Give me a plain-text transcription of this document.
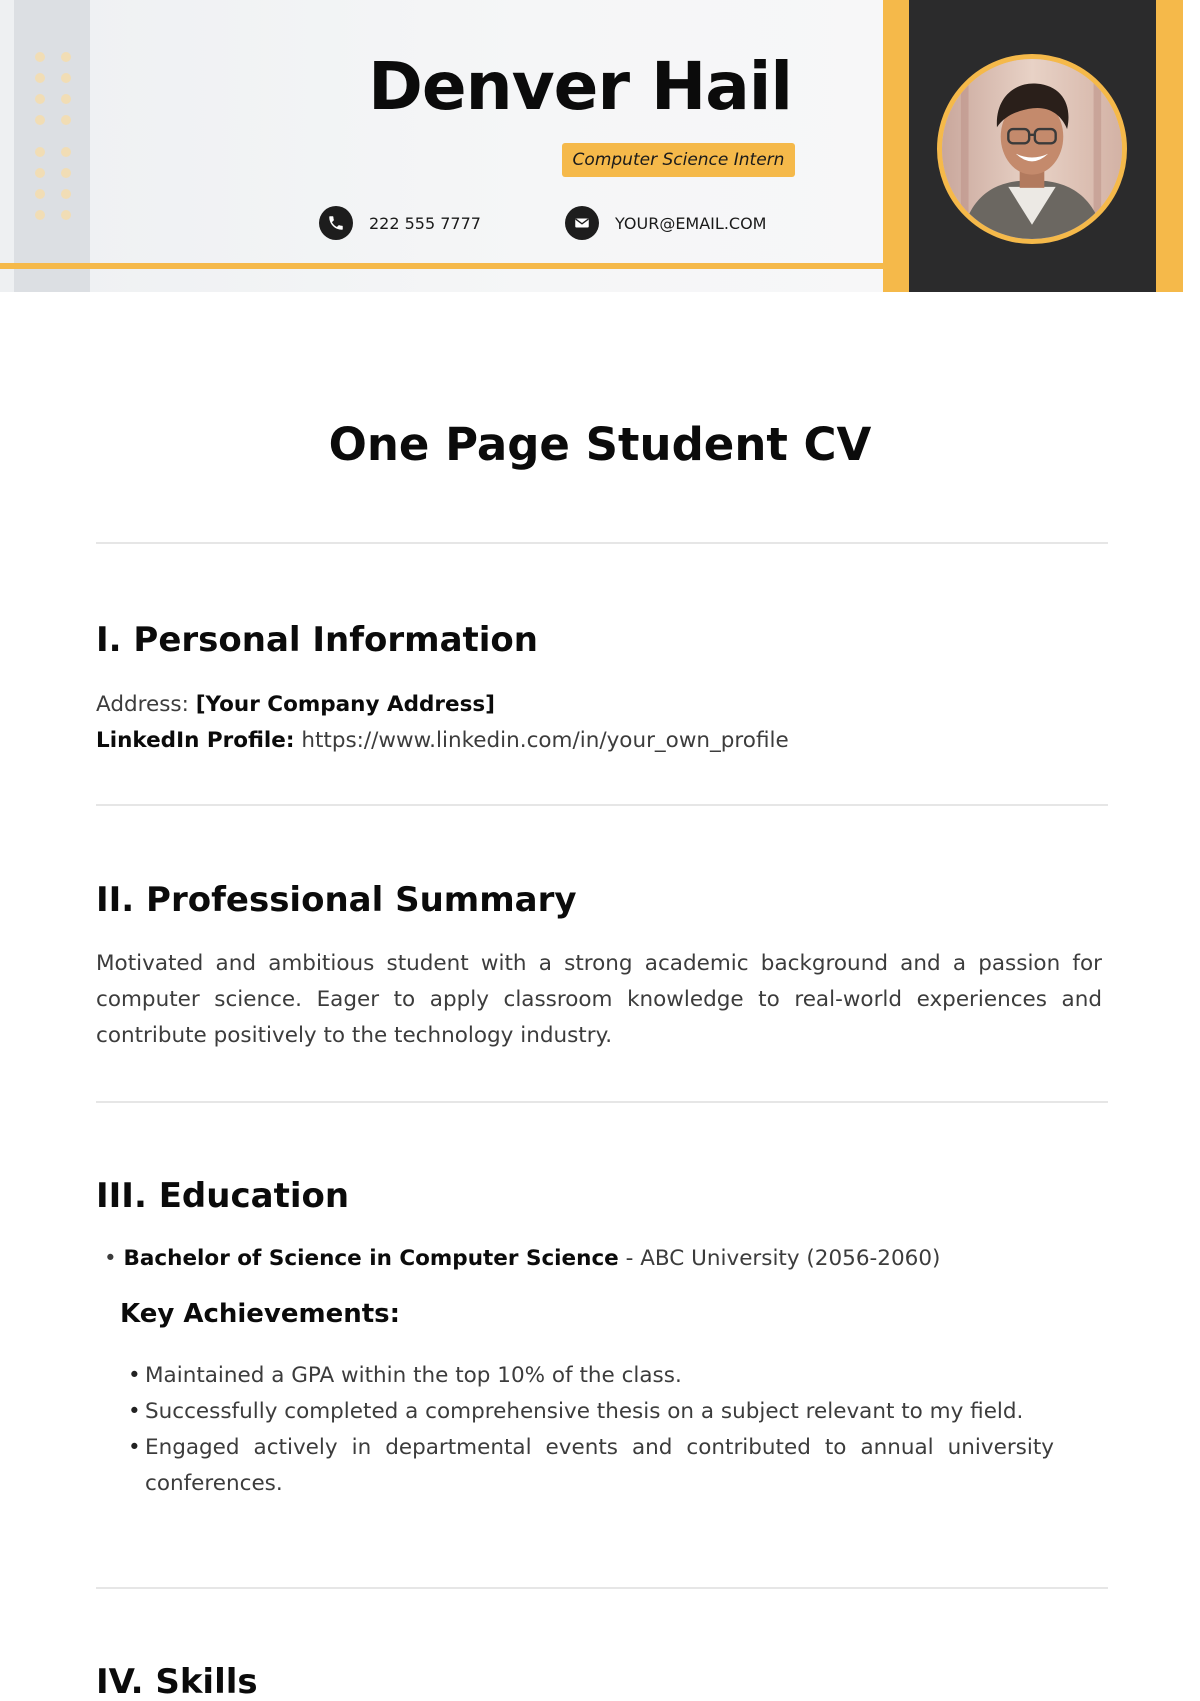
Denver Hail
Computer Science Intern
222 555 7777	YOUR@EMAIL.COM
One Page Student CV
I. Personal Information
Address: [Your Company Address]
LinkedIn Profile: https://www.linkedin.com/in/your_own_profile
II. Professional Summary
Motivated and ambitious student with a strong academic background and a passion for computer science. Eager to apply classroom knowledge to real-world experiences and contribute positively to the technology industry.
III. Education
• Bachelor of Science in Computer Science - ABC University (2056-2060)
Key Achievements:
• Maintained a GPA within the top 10% of the class.
• Successfully completed a comprehensive thesis on a subject relevant to my field.
• Engaged actively in departmental events and contributed to annual university conferences.
IV. Skills
